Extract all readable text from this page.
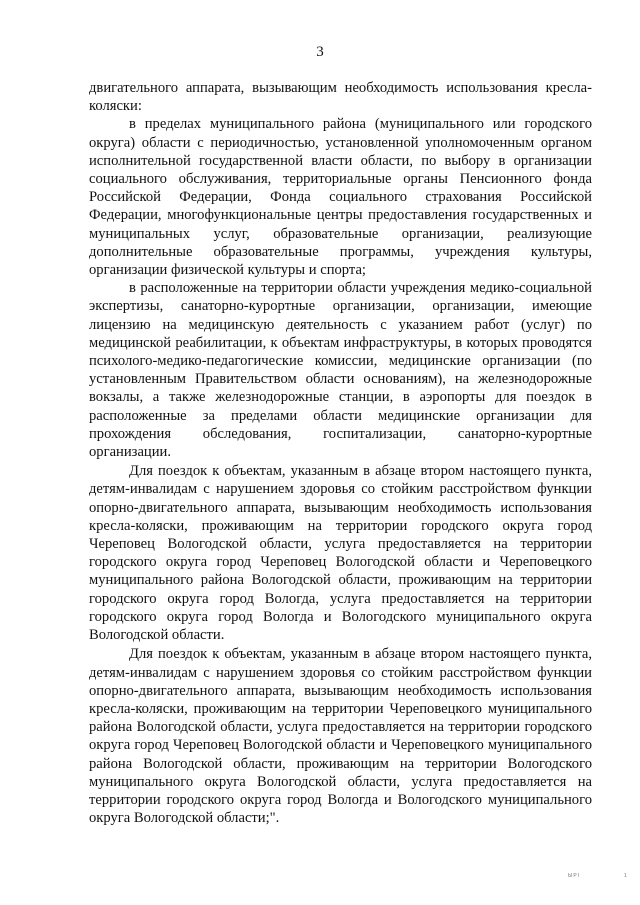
3

двигательного аппарата, вызывающим необходимость использования кресла-коляски:

в пределах муниципального района (муниципального или городского округа) области с периодичностью, установленной уполномоченным органом исполнительной государственной власти области, по выбору в организации социального обслуживания, территориальные органы Пенсионного фонда Российской Федерации, Фонда социального страхования Российской Федерации, многофункциональные центры предоставления государственных и муниципальных услуг, образовательные организации, реализующие дополнительные образовательные программы, учреждения культуры, организации физической культуры и спорта;

в расположенные на территории области учреждения медико-социальной экспертизы, санаторно-курортные организации, организации, имеющие лицензию на медицинскую деятельность с указанием работ (услуг) по медицинской реабилитации, к объектам инфраструктуры, в которых проводятся психолого-медико-педагогические комиссии, медицинские организации (по установленным Правительством области основаниям), на железнодорожные вокзалы, а также железнодорожные станции, в аэропорты для поездок в расположенные за пределами области медицинские организации для прохождения обследования, госпитализации, санаторно-курортные организации.

Для поездок к объектам, указанным в абзаце втором настоящего пункта, детям-инвалидам с нарушением здоровья со стойким расстройством функции опорно-двигательного аппарата, вызывающим необходимость использования кресла-коляски, проживающим на территории городского округа город Череповец Вологодской области, услуга предоставляется на территории городского округа город Череповец Вологодской области и Череповецкого муниципального района Вологодской области, проживающим на территории городского округа город Вологда, услуга предоставляется на территории городского округа город Вологда и Вологодского муниципального округа Вологодской области.

Для поездок к объектам, указанным в абзаце втором настоящего пункта, детям-инвалидам с нарушением здоровья со стойким расстройством функции опорно-двигательного аппарата, вызывающим необходимость использования кресла-коляски, проживающим на территории Череповецкого муниципального района Вологодской области, услуга предоставляется на территории городского округа город Череповец Вологодской области и Череповецкого муниципального района Вологодской области, проживающим на территории Вологодского муниципального округа Вологодской области, услуга предоставляется на территории городского округа город Вологда и Вологодского муниципального округа Вологодской области;".

ЫРІ	1
